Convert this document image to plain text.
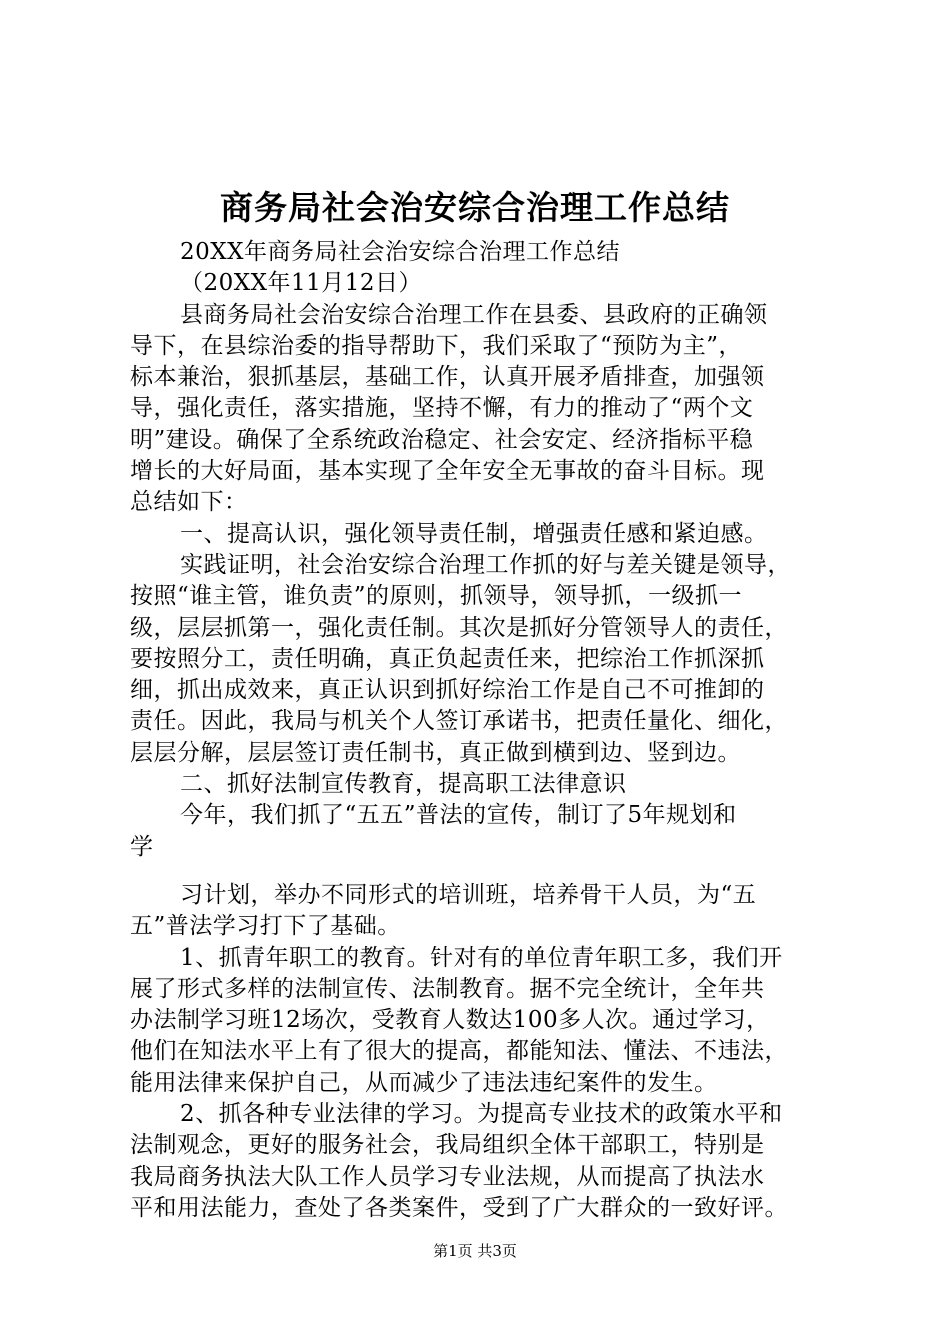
商务局社会治安综合治理工作总结
20XX年商务局社会治安综合治理工作总结
（20XX年11月12日）
县商务局社会治安综合治理工作在县委、县政府的正确领
导下，在县综治委的指导帮助下，我们采取了“预防为主”，
标本兼治，狠抓基层，基础工作，认真开展矛盾排查，加强领
导，强化责任，落实措施，坚持不懈，有力的推动了“两个文
明”建设。确保了全系统政治稳定、社会安定、经济指标平稳
增长的大好局面，基本实现了全年安全无事故的奋斗目标。现
总结如下：
一、提高认识，强化领导责任制，增强责任感和紧迫感。
实践证明，社会治安综合治理工作抓的好与差关键是领导，
按照“谁主管，谁负责”的原则，抓领导，领导抓，一级抓一
级，层层抓第一，强化责任制。其次是抓好分管领导人的责任，
要按照分工，责任明确，真正负起责任来，把综治工作抓深抓
细，抓出成效来，真正认识到抓好综治工作是自己不可推卸的
责任。因此，我局与机关个人签订承诺书，把责任量化、细化，
层层分解，层层签订责任制书，真正做到横到边、竖到边。
二、抓好法制宣传教育，提高职工法律意识
今年，我们抓了“五五”普法的宣传，制订了5年规划和
学
习计划，举办不同形式的培训班，培养骨干人员，为“五
五”普法学习打下了基础。
1、抓青年职工的教育。针对有的单位青年职工多，我们开
展了形式多样的法制宣传、法制教育。据不完全统计，全年共
办法制学习班12场次，受教育人数达100多人次。通过学习，
他们在知法水平上有了很大的提高，都能知法、懂法、不违法，
能用法律来保护自己，从而减少了违法违纪案件的发生。
2、抓各种专业法律的学习。为提高专业技术的政策水平和
法制观念，更好的服务社会，我局组织全体干部职工，特别是
我局商务执法大队工作人员学习专业法规，从而提高了执法水
平和用法能力，查处了各类案件，受到了广大群众的一致好评。
第1页 共3页
